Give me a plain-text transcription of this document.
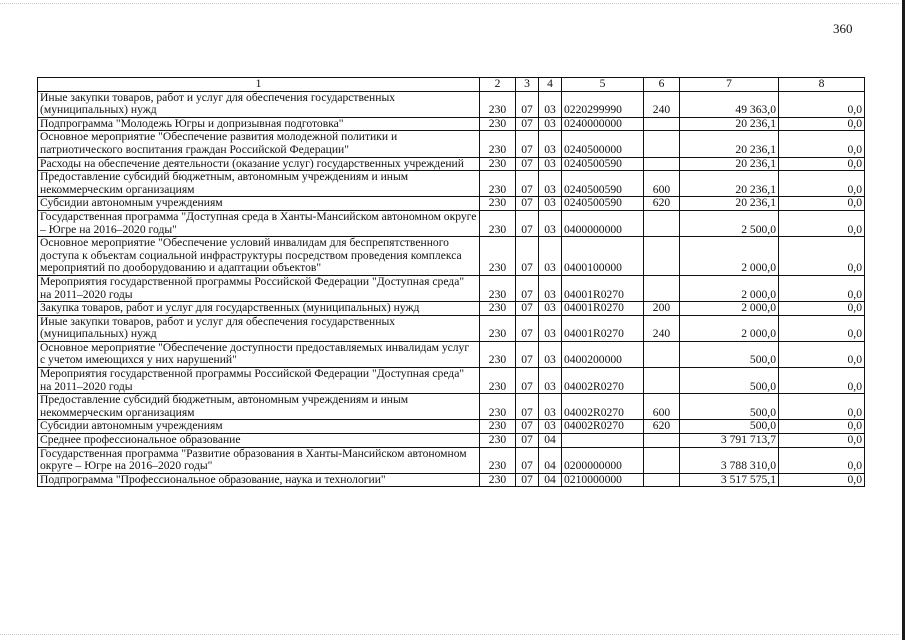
360
1	2	3	4	5	6	7	8
Иные закупки товаров, работ и услуг для обеспечения государственных (муниципальных) нужд	230	07	03	0220299990	240	49 363,0	0,0
Подпрограмма "Молодежь Югры и допризывная подготовка"	230	07	03	0240000000		20 236,1	0,0
Основное мероприятие "Обеспечение развития молодежной политики и патриотического воспитания граждан Российской Федерации"	230	07	03	0240500000		20 236,1	0,0
Расходы на обеспечение деятельности (оказание услуг) государственных учреждений	230	07	03	0240500590		20 236,1	0,0
Предоставление субсидий бюджетным, автономным учреждениям и иным некоммерческим организациям	230	07	03	0240500590	600	20 236,1	0,0
Субсидии автономным учреждениям	230	07	03	0240500590	620	20 236,1	0,0
Государственная программа "Доступная среда в Ханты-Мансийском автономном округе – Югре на 2016–2020 годы"	230	07	03	0400000000		2 500,0	0,0
Основное мероприятие "Обеспечение условий инвалидам для беспрепятственного доступа к объектам социальной инфраструктуры посредством проведения комплекса мероприятий по дооборудованию и адаптации объектов"	230	07	03	0400100000		2 000,0	0,0
Мероприятия государственной программы Российской Федерации "Доступная среда" на 2011–2020 годы	230	07	03	04001R0270		2 000,0	0,0
Закупка товаров, работ и услуг для государственных (муниципальных) нужд	230	07	03	04001R0270	200	2 000,0	0,0
Иные закупки товаров, работ и услуг для обеспечения государственных (муниципальных) нужд	230	07	03	04001R0270	240	2 000,0	0,0
Основное мероприятие "Обеспечение доступности предоставляемых инвалидам услуг с учетом имеющихся у них нарушений"	230	07	03	0400200000		500,0	0,0
Мероприятия государственной программы Российской Федерации "Доступная среда" на 2011–2020 годы	230	07	03	04002R0270		500,0	0,0
Предоставление субсидий бюджетным, автономным учреждениям и иным некоммерческим организациям	230	07	03	04002R0270	600	500,0	0,0
Субсидии автономным учреждениям	230	07	03	04002R0270	620	500,0	0,0
Среднее профессиональное образование	230	07	04			3 791 713,7	0,0
Государственная программа "Развитие образования в Ханты-Мансийском автономном округе – Югре на 2016–2020 годы"	230	07	04	0200000000		3 788 310,0	0,0
Подпрограмма "Профессиональное образование, наука и технологии"	230	07	04	0210000000		3 517 575,1	0,0
